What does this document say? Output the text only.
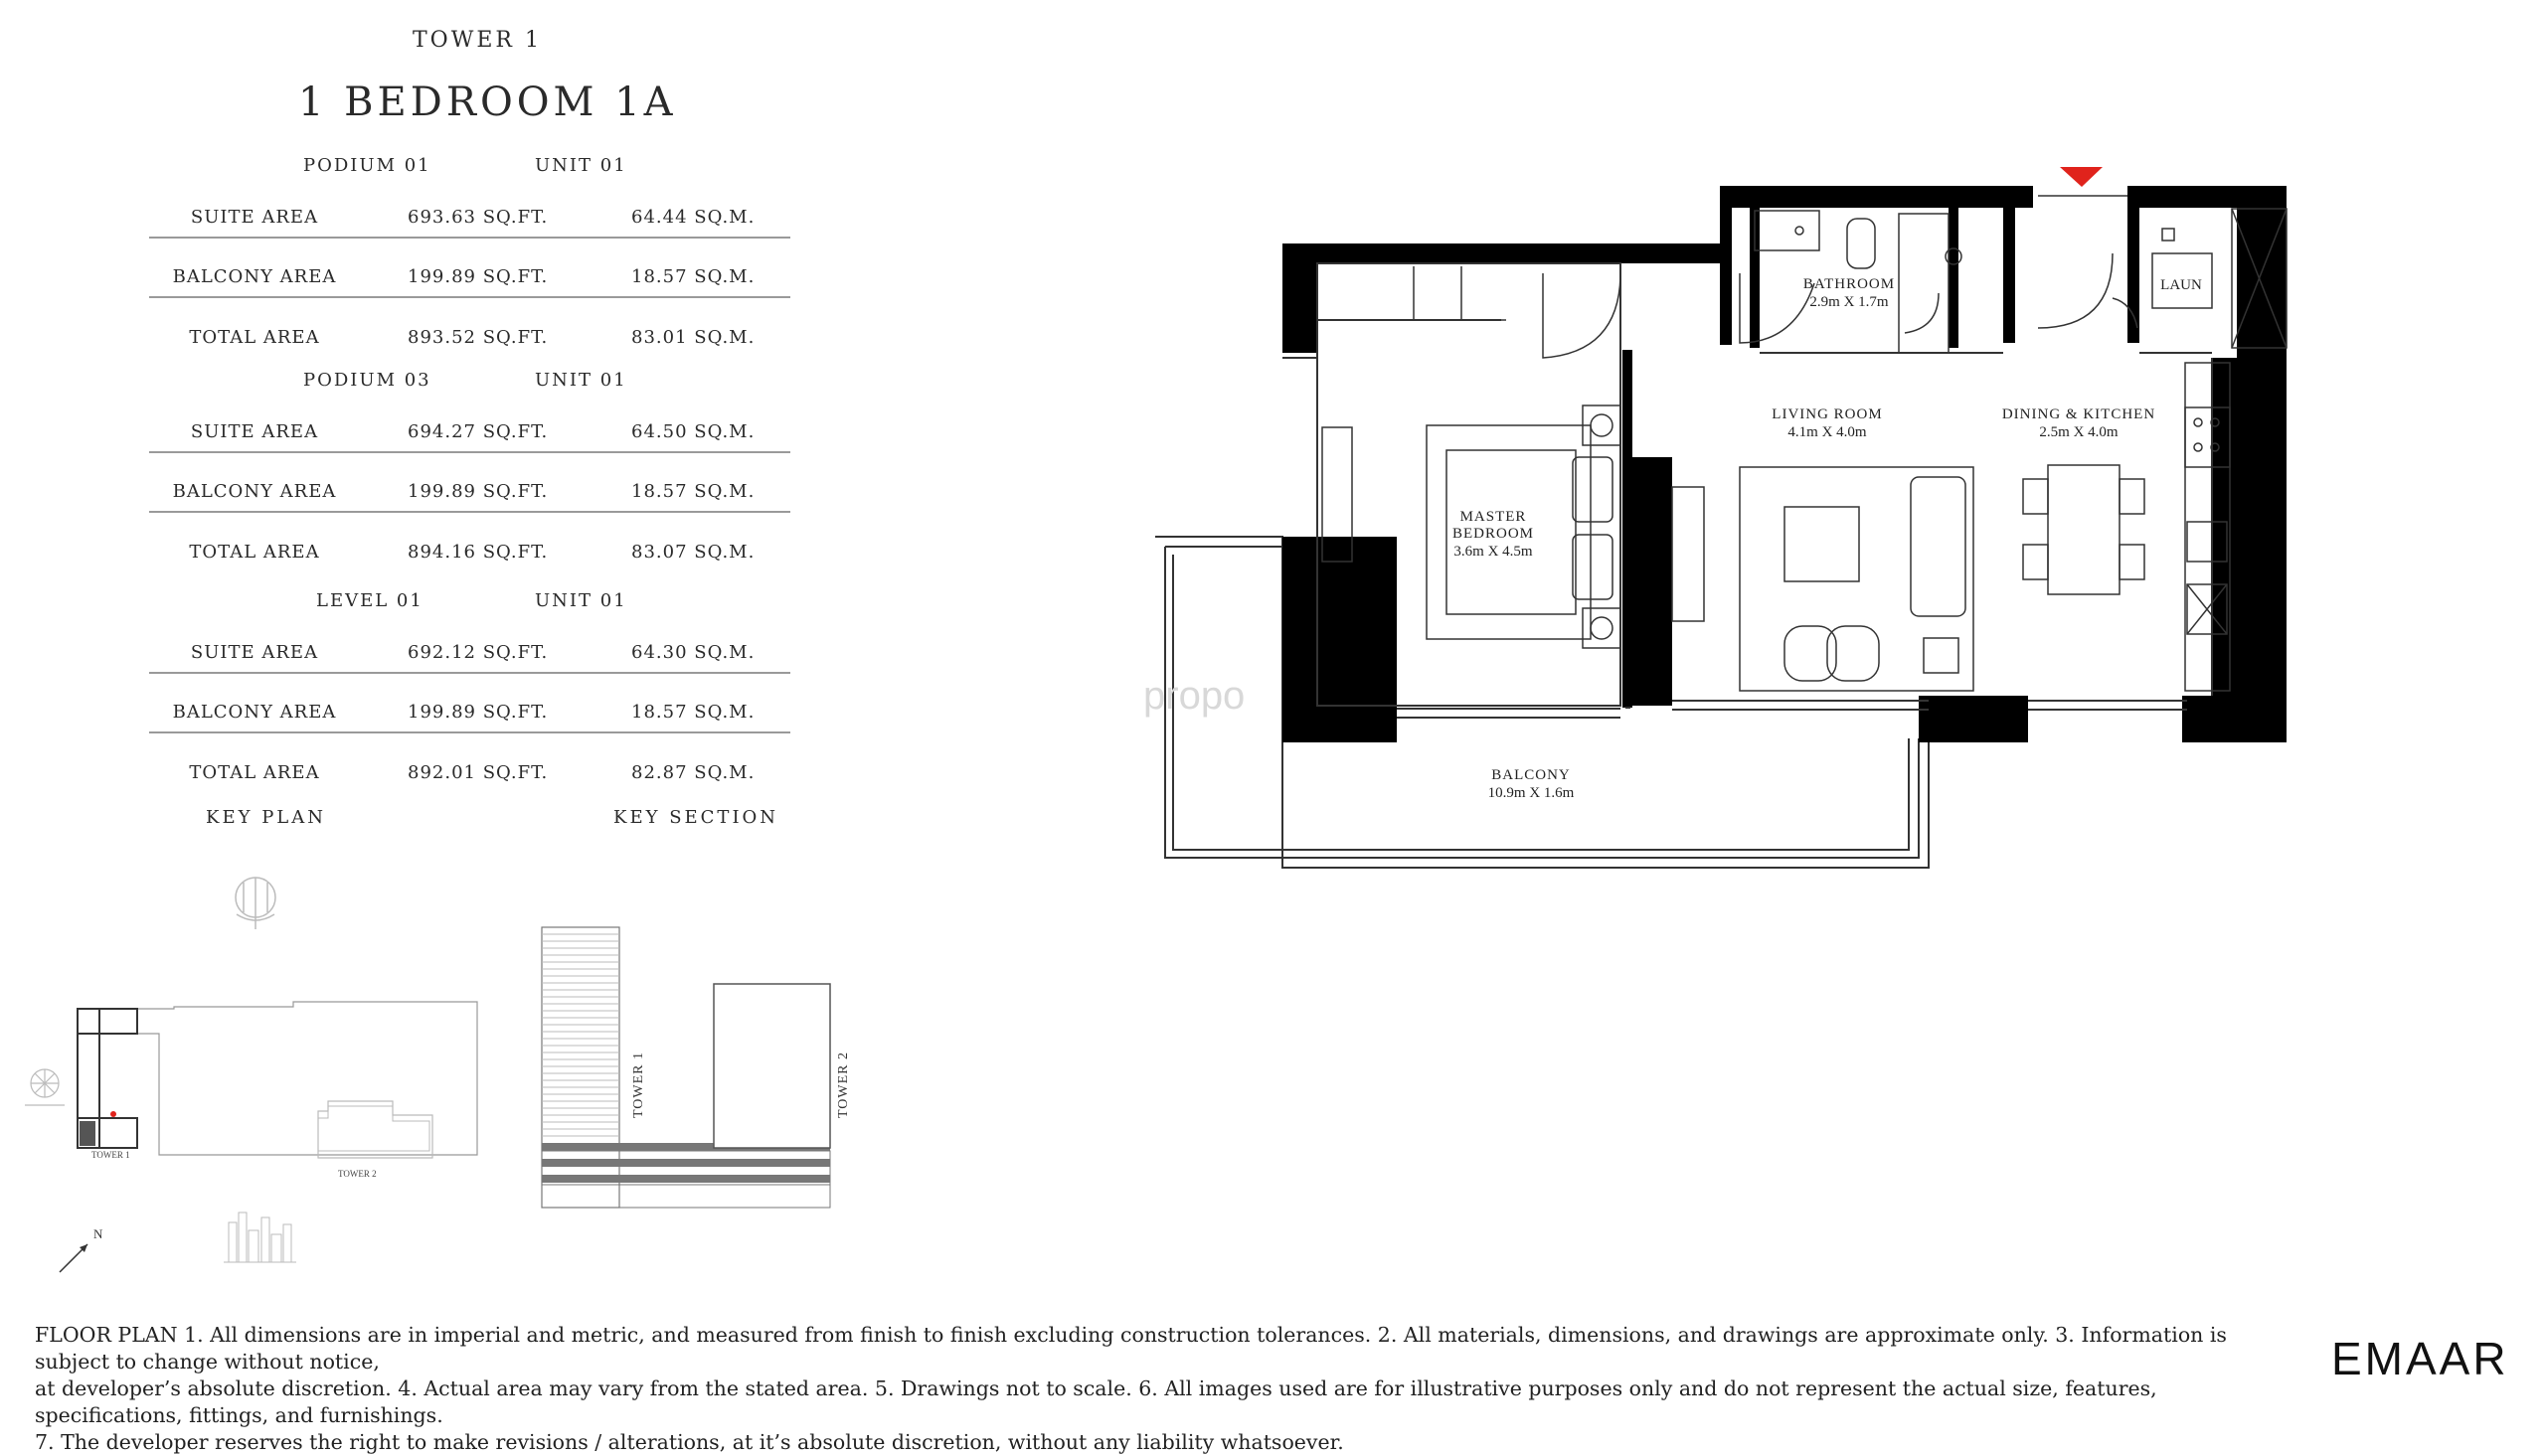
TOWER 1
1 BEDROOM 1A
PODIUM 01	UNIT 01
SUITE AREA	693.63 SQ.FT.	64.44 SQ.M.
BALCONY AREA	199.89 SQ.FT.	18.57 SQ.M.
TOTAL AREA	893.52 SQ.FT.	83.01 SQ.M.
PODIUM 03	UNIT 01
SUITE AREA	694.27 SQ.FT.	64.50 SQ.M.
BALCONY AREA	199.89 SQ.FT.	18.57 SQ.M.
TOTAL AREA	894.16 SQ.FT.	83.07 SQ.M.
LEVEL 01	UNIT 01
SUITE AREA	692.12 SQ.FT.	64.30 SQ.M.
BALCONY AREA	199.89 SQ.FT.	18.57 SQ.M.
TOTAL AREA	892.01 SQ.FT.	82.87 SQ.M.
KEY PLAN	KEY SECTION
TOWER 1
TOWER 2
N
TOWER 1	TOWER 2
BATHROOM
2.9m X 1.7m
LAUN
LIVING ROOM
4.1m X 4.0m
DINING & KITCHEN
2.5m X 4.0m
MASTER
BEDROOM
3.6m X 4.5m
BALCONY
10.9m X 1.6m
propo
FLOOR PLAN 1. All dimensions are in imperial and metric, and measured from finish to finish excluding construction tolerances. 2. All materials, dimensions, and drawings are approximate only. 3. Information is subject to change without notice,
at developer’s absolute discretion. 4. Actual area may vary from the stated area. 5. Drawings not to scale. 6. All images used are for illustrative purposes only and do not represent the actual size, features, specifications, fittings, and furnishings.
7. The developer reserves the right to make revisions / alterations, at it’s absolute discretion, without any liability whatsoever.
EMAAR
